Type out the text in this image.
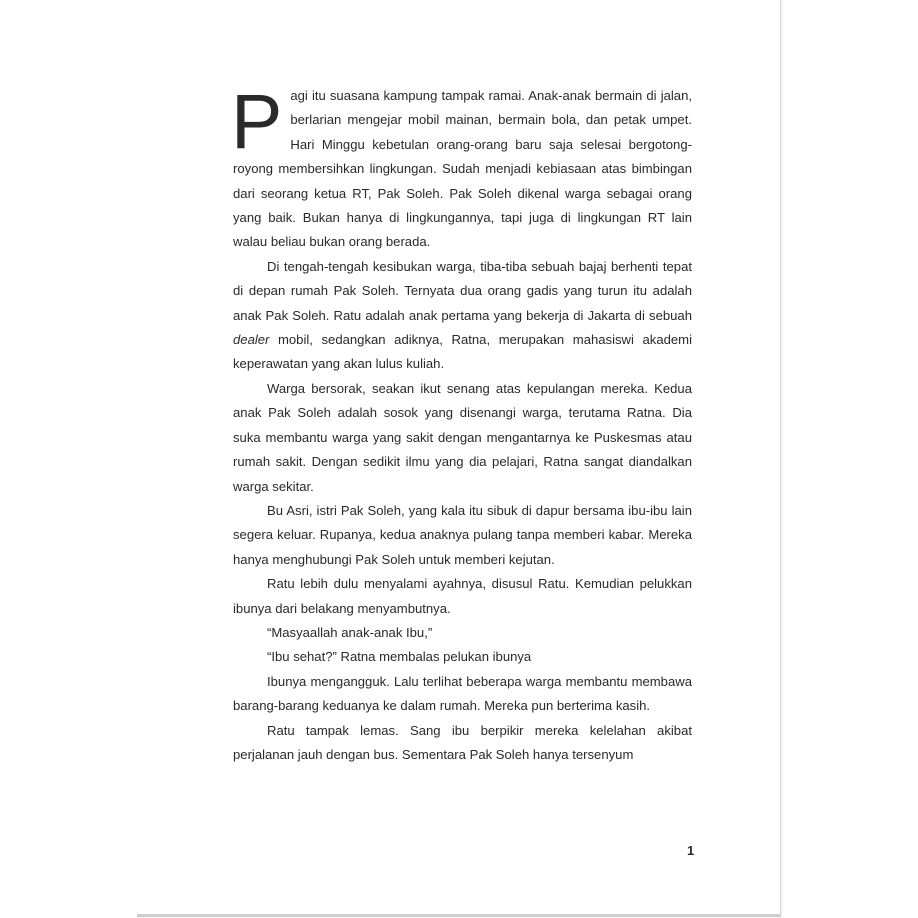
Pagi itu suasana kampung tampak ramai. Anak-anak bermain di jalan, berlarian mengejar mobil mainan, bermain bola, dan petak umpet. Hari Minggu kebetulan orang-orang baru saja selesai bergotong-royong membersihkan lingkungan. Sudah menjadi kebiasaan atas bimbingan dari seorang ketua RT, Pak Soleh. Pak Soleh dikenal warga sebagai orang yang baik. Bukan hanya di lingkungannya, tapi juga di lingkungan RT lain walau beliau bukan orang berada.

Di tengah-tengah kesibukan warga, tiba-tiba sebuah bajaj berhenti tepat di depan rumah Pak Soleh. Ternyata dua orang gadis yang turun itu adalah anak Pak Soleh. Ratu adalah anak pertama yang bekerja di Jakarta di sebuah dealer mobil, sedangkan adiknya, Ratna, merupakan mahasiswi akademi keperawatan yang akan lulus kuliah.

Warga bersorak, seakan ikut senang atas kepulangan mereka. Kedua anak Pak Soleh adalah sosok yang disenangi warga, terutama Ratna. Dia suka membantu warga yang sakit dengan mengantarnya ke Puskesmas atau rumah sakit. Dengan sedikit ilmu yang dia pelajari, Ratna sangat diandalkan warga sekitar.

Bu Asri, istri Pak Soleh, yang kala itu sibuk di dapur bersama ibu-ibu lain segera keluar. Rupanya, kedua anaknya pulang tanpa memberi kabar. Mereka hanya menghubungi Pak Soleh untuk memberi kejutan.

Ratu lebih dulu menyalami ayahnya, disusul Ratu. Kemudian pelukkan ibunya dari belakang menyambutnya.

“Masyaallah anak-anak Ibu,”

“Ibu sehat?” Ratna membalas pelukan ibunya

Ibunya mengangguk. Lalu terlihat beberapa warga membantu membawa barang-barang keduanya ke dalam rumah. Mereka pun berterima kasih.

Ratu tampak lemas. Sang ibu berpikir mereka kelelahan akibat perjalanan jauh dengan bus. Sementara Pak Soleh hanya tersenyum

1
